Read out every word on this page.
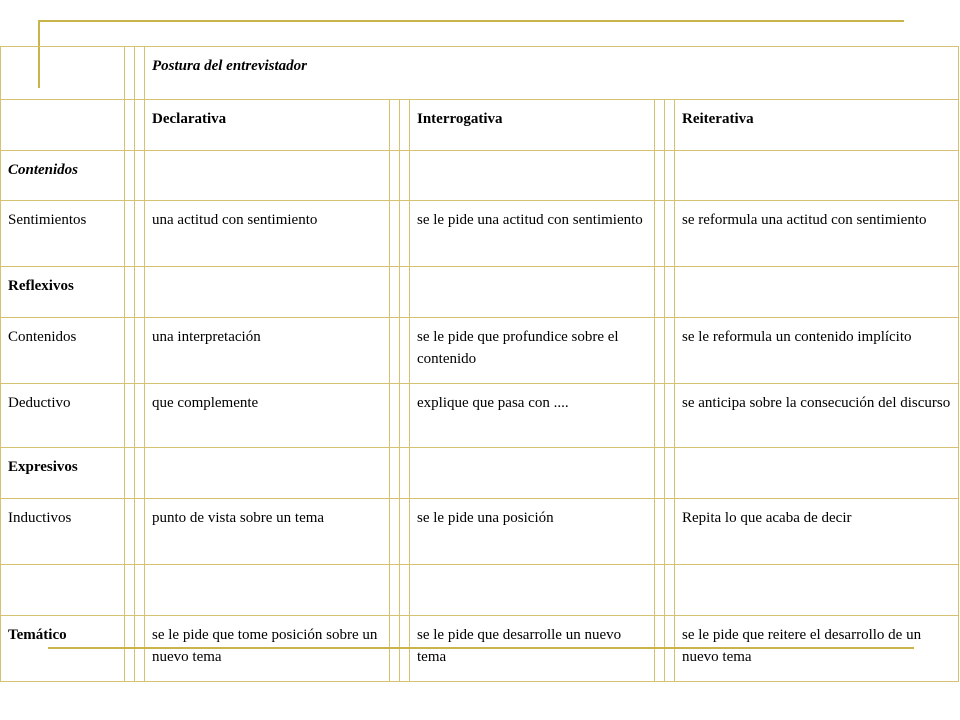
			Postura del entrevistador						
			Declarativa			Interrogativa			Reiterativa
Contenidos									
Sentimientos			una actitud con sentimiento			se le pide una actitud con sentimiento			se reformula una actitud con sentimiento
Reflexivos									
Contenidos			una interpretación			se le pide que profundice sobre el contenido			se le reformula un contenido implícito
Deductivo			que complemente			explique que pasa con ....			se anticipa sobre la consecución del discurso
Expresivos									
Inductivos			punto de vista sobre un tema			se le pide una posición			Repita lo que acaba de decir

Temático			se le pide que tome posición sobre un nuevo tema			se le pide que desarrolle un nuevo tema			se le pide que reitere el desarrollo de un nuevo tema
